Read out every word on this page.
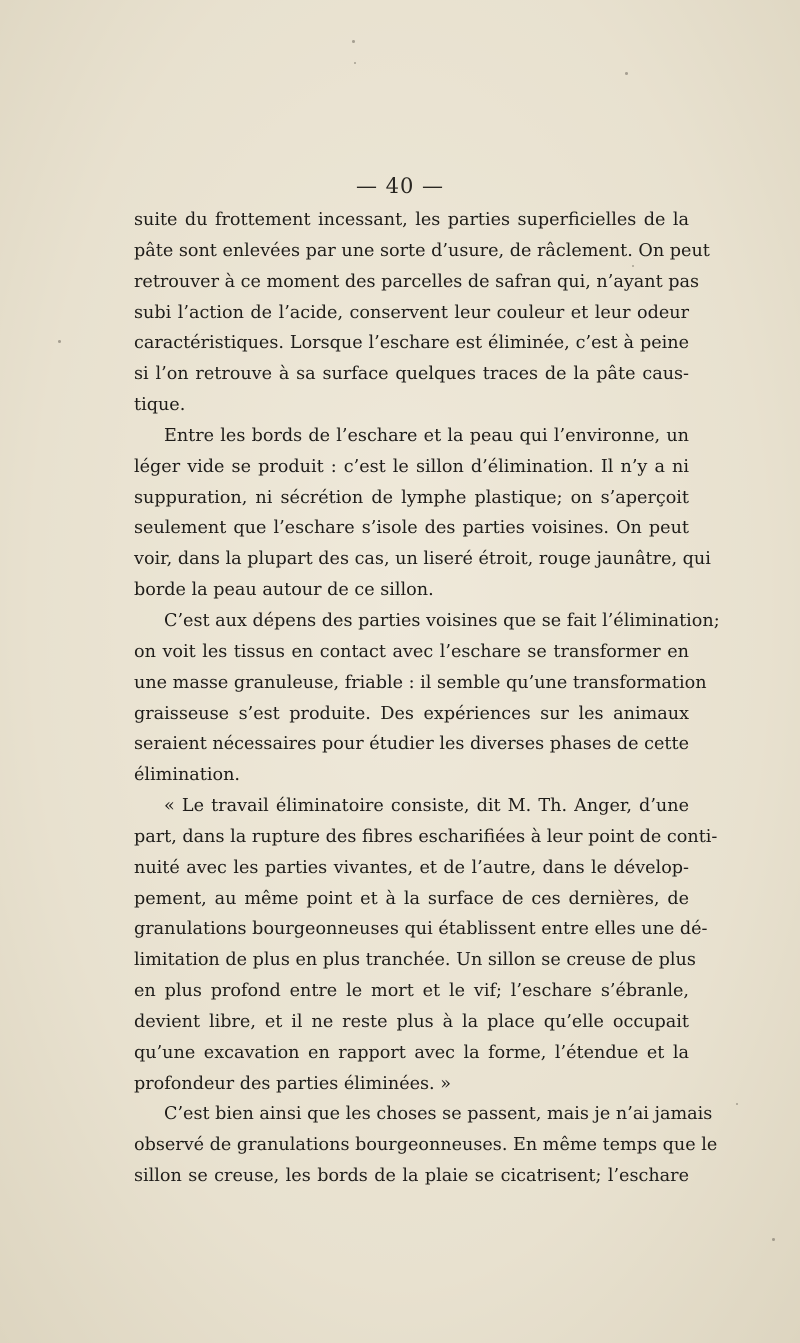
— 40 —
suite du frottement incessant, les parties superficielles de la
pâte sont enlevées par une sorte d’usure, de râclement. On peut
retrouver à ce moment des parcelles de safran qui, n’ayant pas
subi l’action de l’acide, conservent leur couleur et leur odeur
caractéristiques. Lorsque l’eschare est éliminée, c’est à peine
si l’on retrouve à sa surface quelques traces de la pâte caus-
tique.
Entre les bords de l’eschare et la peau qui l’environne, un
léger vide se produit : c’est le sillon d’élimination. Il n’y a ni
suppuration, ni sécrétion de lymphe plastique; on s’aperçoit
seulement que l’eschare s’isole des parties voisines. On peut
voir, dans la plupart des cas, un liseré étroit, rouge jaunâtre, qui
borde la peau autour de ce sillon.
C’est aux dépens des parties voisines que se fait l’élimination;
on voit les tissus en contact avec l’eschare se transformer en
une masse granuleuse, friable : il semble qu’une transformation
graisseuse s’est produite. Des expériences sur les animaux
seraient nécessaires pour étudier les diverses phases de cette
élimination.
« Le travail éliminatoire consiste, dit M. Th. Anger, d’une
part, dans la rupture des fibres escharifiées à leur point de conti-
nuité avec les parties vivantes, et de l’autre, dans le dévelop-
pement, au même point et à la surface de ces dernières, de
granulations bourgeonneuses qui établissent entre elles une dé-
limitation de plus en plus tranchée. Un sillon se creuse de plus
en plus profond entre le mort et le vif; l’eschare s’ébranle,
devient libre, et il ne reste plus à la place qu’elle occupait
qu’une excavation en rapport avec la forme, l’étendue et la
profondeur des parties éliminées. »
C’est bien ainsi que les choses se passent, mais je n’ai jamais
observé de granulations bourgeonneuses. En même temps que le
sillon se creuse, les bords de la plaie se cicatrisent; l’eschare
